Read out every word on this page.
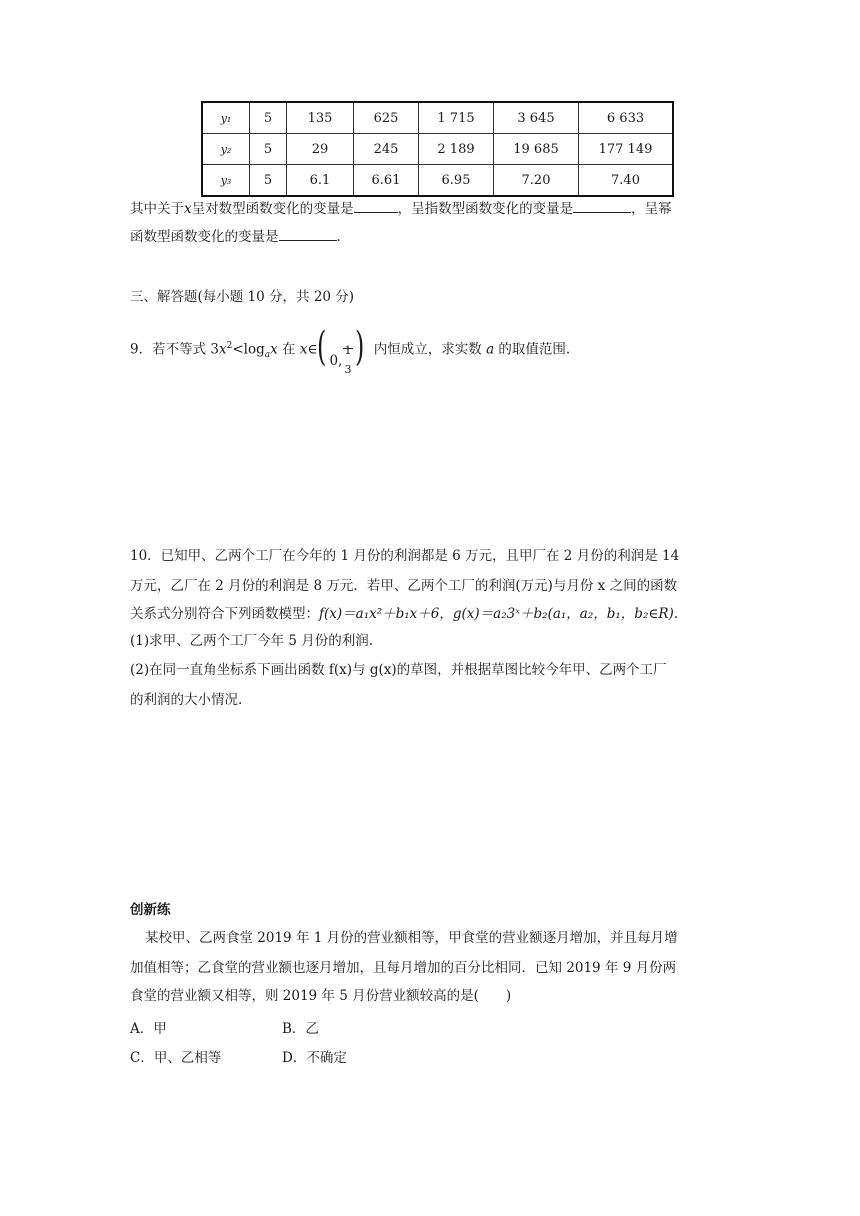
y₁	5	135	625	1 715	3 645	6 633
y₂	5	29	245	2 189	19 685	177 149
y₃	5	6.1	6.61	6.95	7.20	7.40
其中关于x呈对数型函数变化的变量是	，呈指数型函数变化的变量是	，呈幂
函数型函数变化的变量是	.
三、解答题(每小题 10 分，共 20 分)
9．若不等式 $3x^2<\log_ax$ 在 x∈ ( 0,
1
3 ) 内恒成立，求实数 a 的取值范围.
10．已知甲、乙两个工厂在今年的 1 月份的利润都是 6 万元，且甲厂在 2 月份的利润是 14
万元，乙厂在 2 月份的利润是 8 万元．若甲、乙两个工厂的利润(万元)与月份 x 之间的函数
关系式分别符合下列函数模型：f(x)＝a₁x²＋b₁x＋6，g(x)＝a₂3ˣ＋b₂(a₁，a₂，b₁，b₂∈R).
(1)求甲、乙两个工厂今年 5 月份的利润.
(2)在同一直角坐标系下画出函数 f(x)与 g(x)的草图，并根据草图比较今年甲、乙两个工厂
的利润的大小情况.
创新练
某校甲、乙两食堂 2019 年 1 月份的营业额相等，甲食堂的营业额逐月增加，并且每月增
加值相等；乙食堂的营业额也逐月增加，且每月增加的百分比相同．已知 2019 年 9 月份两
食堂的营业额又相等，则 2019 年 5 月份营业额较高的是(　　)
A．甲	B．乙
C．甲、乙相等	D．不确定
